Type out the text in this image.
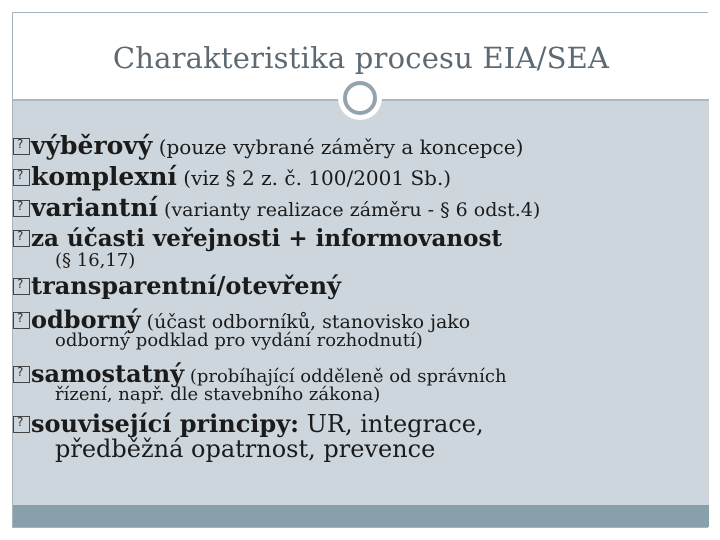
Charakteristika procesu EIA/SEA
?výběrový (pouze vybrané záměry a koncepce)
?komplexní (viz § 2 z. č. 100/2001 Sb.)
?variantní (varianty realizace záměru - § 6 odst.4)
?za účasti veřejnosti + informovanost
(§ 16,17)
?transparentní/otevřený
?odborný (účast odborníků, stanovisko jako
odborný podklad pro vydání rozhodnutí)
?samostatný (probíhající odděleně od správních
řízení, např. dle stavebního zákona)
?související principy: UR, integrace,
předběžná opatrnost, prevence
